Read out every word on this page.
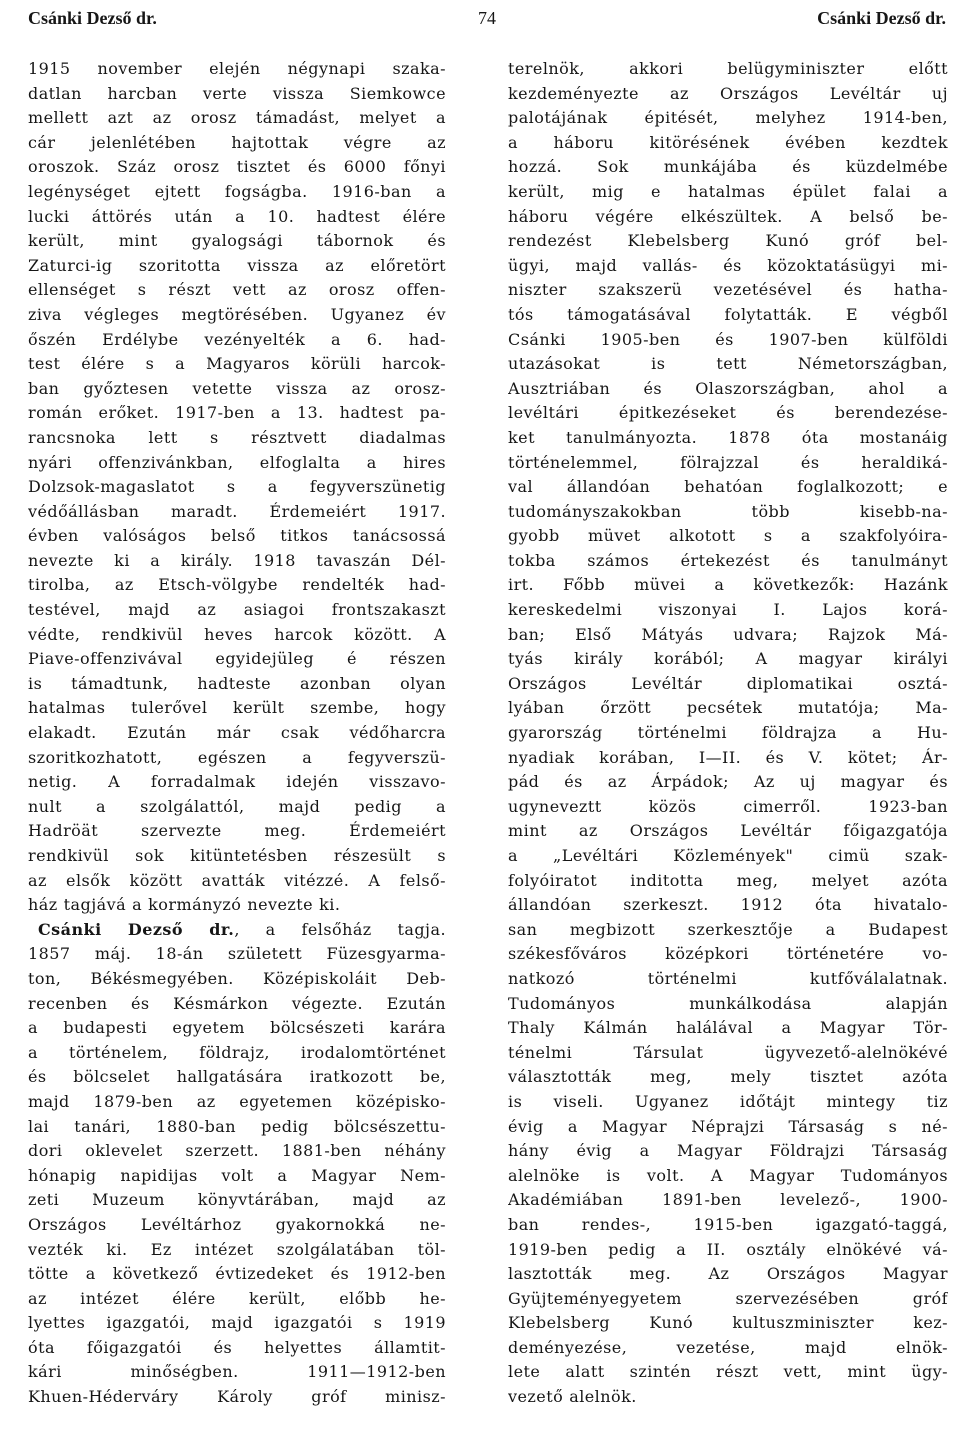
Csánki Dezső dr.	74	Csánki Dezső dr.
1915 november elején négynapi szaka-
datlan harcban verte vissza Siemkowce
mellett azt az orosz támadást, melyet a
cár jelenlétében hajtottak végre az
oroszok. Száz orosz tisztet és 6000 főnyi
legénységet ejtett fogságba. 1916-ban a
lucki áttörés után a 10. hadtest élére
került, mint gyalogsági tábornok és
Zaturci-ig szoritotta vissza az előretört
ellenséget s részt vett az orosz offen-
ziva végleges megtörésében. Ugyanez év
őszén Erdélybe vezényelték a 6. had-
test élére s a Magyaros körüli harcok-
ban győztesen vetette vissza az orosz-
román erőket. 1917-ben a 13. hadtest pa-
rancsnoka lett s résztvett diadalmas
nyári offenzivánkban, elfoglalta a hires
Dolzsok-magaslatot s a fegyverszünetig
védőállásban maradt. Érdemeiért 1917.
évben valóságos belső titkos tanácsossá
nevezte ki a király. 1918 tavaszán Dél-
tirolba, az Etsch-völgybe rendelték had-
testével, majd az asiagoi frontszakaszt
védte, rendkivül heves harcok között. A
Piave-offenzivával egyidejüleg é részen
is támadtunk, hadteste azonban olyan
hatalmas tulerővel került szembe, hogy
elakadt. Ezután már csak védőharcra
szoritkozhatott, egészen a fegyverszü-
netig. A forradalmak idején visszavo-
nult a szolgálattól, majd pedig a
Hadröät szervezte meg. Érdemeiért
rendkivül sok kitüntetésben részesült s
az elsők között avatták vitézzé. A felső-
ház tagjává a kormányzó nevezte ki.
Csánki Dezső dr., a felsőház tagja.
1857 máj. 18-án született Füzesgyarma-
ton, Békésmegyében. Középiskoláit Deb-
recenben és Késmárkon végezte. Ezután
a budapesti egyetem bölcsészeti karára
a történelem, földrajz, irodalomtörténet
és bölcselet hallgatására iratkozott be,
majd 1879-ben az egyetemen középisko-
lai tanári, 1880-ban pedig bölcsészettu-
dori oklevelet szerzett. 1881-ben néhány
hónapig napidijas volt a Magyar Nem-
zeti Muzeum könyvtárában, majd az
Országos Levéltárhoz gyakornokká ne-
vezték ki. Ez intézet szolgálatában töl-
tötte a következő évtizedeket és 1912-ben
az intézet élére került, előbb he-
lyettes igazgatói, majd igazgatói s 1919
óta főigazgatói és helyettes államtit-
kári minőségben. 1911—1912-ben
Khuen-Héderváry Károly gróf minisz-
terelnök, akkori belügyminiszter előtt
kezdeményezte az Országos Levéltár uj
palotájának épitését, melyhez 1914-ben,
a háboru kitörésének évében kezdtek
hozzá. Sok munkájába és küzdelmébe
került, mig e hatalmas épület falai a
háboru végére elkészültek. A belső be-
rendezést Klebelsberg Kunó gróf bel-
ügyi, majd vallás- és közoktatásügyi mi-
niszter szakszerü vezetésével és hatha-
tós támogatásával folytatták. E végből
Csánki 1905-ben és 1907-ben külföldi
utazásokat is tett Németországban,
Ausztriában és Olaszországban, ahol a
levéltári épitkezéseket és berendezése-
ket tanulmányozta. 1878 óta mostanáig
történelemmel, fölrajzzal és heraldiká-
val állandóan behatóan foglalkozott; e
tudományszakokban több kisebb-na-
gyobb müvet alkotott s a szakfolyóira-
tokba számos értekezést és tanulmányt
irt. Főbb müvei a következők: Hazánk
kereskedelmi viszonyai I. Lajos korá-
ban; Első Mátyás udvara; Rajzok Má-
tyás király korából; A magyar királyi
Országos Levéltár diplomatikai osztá-
lyában őrzött pecsétek mutatója; Ma-
gyarország történelmi földrajza a Hu-
nyadiak korában, I—II. és V. kötet; Ár-
pád és az Árpádok; Az uj magyar és
ugyneveztt közös cimerről. 1923-ban
mint az Országos Levéltár főigazgatója
a „Levéltári Közlemények" cimü szak-
folyóiratot inditotta meg, melyet azóta
állandóan szerkeszt. 1912 óta hivatalo-
san megbizott szerkesztője a Budapest
székesfőváros középkori történetére vo-
natkozó történelmi kutfőválalatnak.
Tudományos munkálkodása alapján
Thaly Kálmán halálával a Magyar Tör-
ténelmi Társulat ügyvezető-alelnökévé
választották meg, mely tisztet azóta
is viseli. Ugyanez időtájt mintegy tiz
évig a Magyar Néprajzi Társaság s né-
hány évig a Magyar Földrajzi Társaság
alelnöke is volt. A Magyar Tudományos
Akadémiában 1891-ben levelező-, 1900-
ban rendes-, 1915-ben igazgató-taggá,
1919-ben pedig a II. osztály elnökévé vá-
lasztották meg. Az Országos Magyar
Gyüjteményegyetem szervezésében gróf
Klebelsberg Kunó kultuszminiszter kez-
deményezése, vezetése, majd elnök-
lete alatt szintén részt vett, mint ügy-
vezető alelnök.
